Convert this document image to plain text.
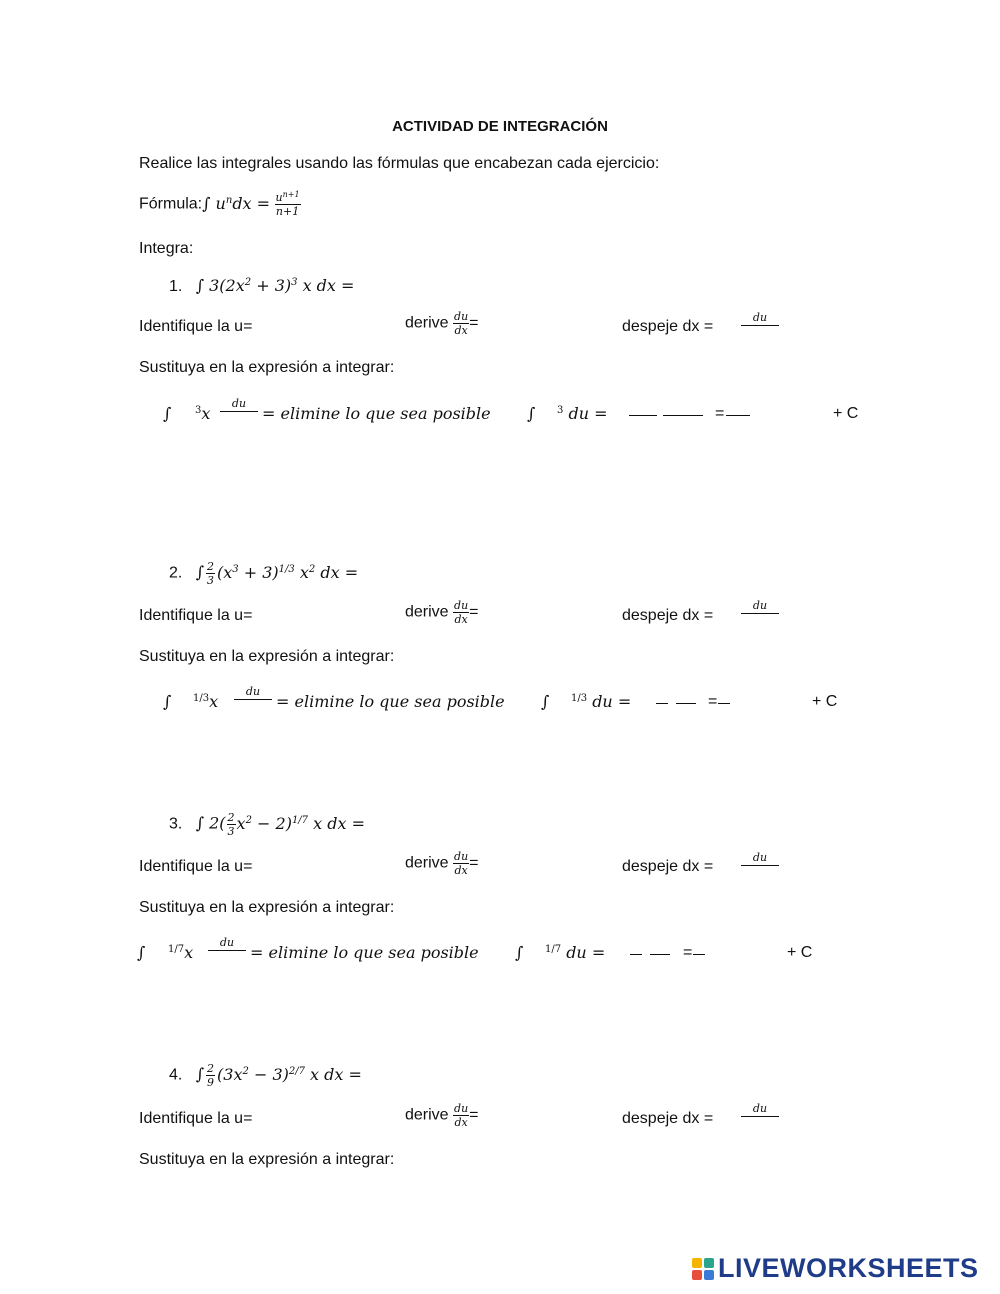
ACTIVIDAD DE INTEGRACIÓN
Realice las integrales usando las fórmulas que encabezan cada ejercicio:
Fórmula:∫ $u^ndx = \frac{u^{n+1}}{n+1}$
Integra:
1. ∫ $3(2x^2 + 3)^3$ x dx =
Identifique la u=	derive $\frac{du}{dx}$ =	despeje dx =
du
Sustituya en la expresión a integrar:
∫ $^3$x
du
= elimine lo que sea posible ∫ $^3$ du =	=	+ C
2. ∫ $\frac{2}{3} (x^3 + 3)^{1/3}$ $x^2$ dx =
Identifique la u=	derive $\frac{du}{dx}$ =	despeje dx =
du
Sustituya en la expresión a integrar:
∫ $^{1/3}$x
du
= elimine lo que sea posible ∫ $^{1/3}$ du =	=	+ C
3. ∫ $2( \frac{2}{3} x^2 - 2)^{1/7}$ x dx =
Identifique la u=	derive $\frac{du}{dx}$ =	despeje dx =
du
Sustituya en la expresión a integrar:
∫ $^{1/7}$x
du
= elimine lo que sea posible ∫ $^{1/7}$ du =	=	+ C
4. ∫ $\frac{2}{9} (3x^2 - 3)^{2/7}$ x dx =
Identifique la u=	derive $\frac{du}{dx}$ =	despeje dx =
du
Sustituya en la expresión a integrar:
LIVEWORKSHEETS
